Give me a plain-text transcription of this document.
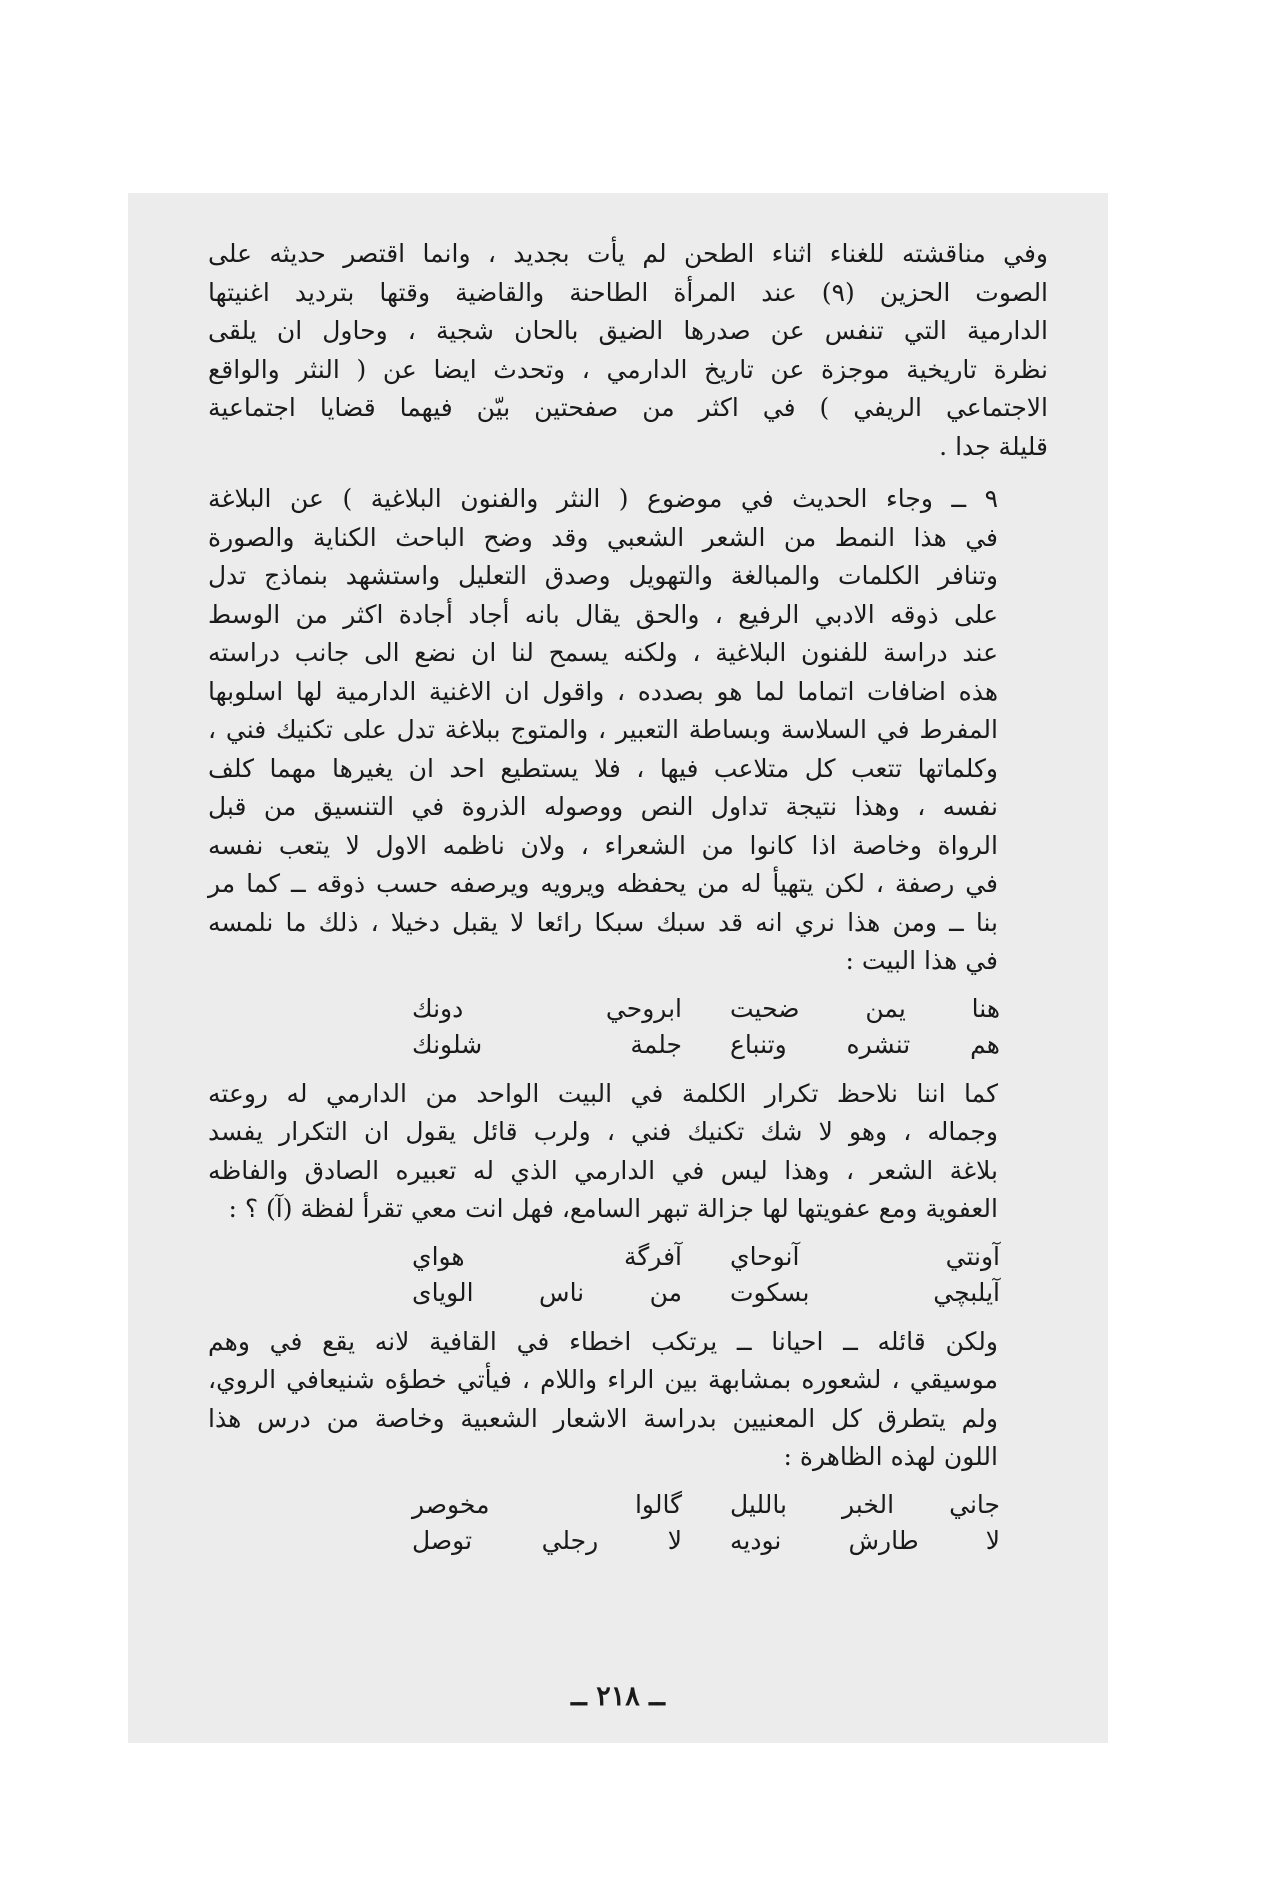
وفي مناقشته للغناء اثناء الطحن لم يأت بجديد ، وانما اقتصر حديثه على
الصوت الحزين (٩) عند المرأة الطاحنة والقاضية وقتها بترديد اغنيتها
الدارمية التي تنفس عن صدرها الضيق بالحان شجية ، وحاول ان يلقى
نظرة تاريخية موجزة عن تاريخ الدارمي ، وتحدث ايضا عن ( النثر والواقع
الاجتماعي الريفي ) في اكثر من صفحتين بيّن فيهما قضايا اجتماعية
قليلة جدا .
٩ ــ وجاء الحديث في موضوع ( النثر والفنون البلاغية ) عن البلاغة
في هذا النمط من الشعر الشعبي وقد وضح الباحث الكناية والصورة
وتنافر الكلمات والمبالغة والتهويل وصدق التعليل واستشهد بنماذج تدل
على ذوقه الادبي الرفيع ، والحق يقال بانه أجاد أجادة اكثر من الوسط
عند دراسة للفنون البلاغية ، ولكنه يسمح لنا ان نضع الى جانب دراسته
هذه اضافات اتماما لما هو بصدده ، واقول ان الاغنية الدارمية لها اسلوبها
المفرط في السلاسة وبساطة التعبير ، والمتوج ببلاغة تدل على تكنيك فني ،
وكلماتها تتعب كل متلاعب فيها ، فلا يستطيع احد ان يغيرها مهما كلف
نفسه ، وهذا نتيجة تداول النص ووصوله الذروة في التنسيق من قبل
الرواة وخاصة اذا كانوا من الشعراء ، ولان ناظمه الاول لا يتعب نفسه
في رصفة ، لكن يتهيأ له من يحفظه ويرويه ويرصفه حسب ذوقه ــ كما مر
بنا ــ ومن هذا نري انه قد سبك سبكا رائعا لا يقبل دخيلا ، ذلك ما نلمسه
في هذا البيت :
هنا يمن ضحيت
ابروحي دونك
هم تنشره وتنباع
جلمة شلونك
كما اننا نلاحظ تكرار الكلمة في البيت الواحد من الدارمي له روعته
وجماله ، وهو لا شك تكنيك فني ، ولرب قائل يقول ان التكرار يفسد
بلاغة الشعر ، وهذا ليس في الدارمي الذي له تعبيره الصادق والفاظه
العفوية ومع عفويتها لها جزالة تبهر السامع، فهل انت معي تقرأ لفظة (آ) ؟ :
آونتي آنوحاي
آفرگة هواي
آيلبچي بسكوت
من ناس الويای
ولكن قائله ــ احيانا ــ يرتكب اخطاء في القافية لانه يقع في وهم
موسيقي ، لشعوره بمشابهة بين الراء واللام ، فيأتي خطؤه شنيعافي الروي،
ولم يتطرق كل المعنيين بدراسة الاشعار الشعبية وخاصة من درس هذا
اللون لهذه الظاهرة :
جاني الخبر بالليل
گالوا مخوصر
لا طارش نوديه
لا رجلي توصل
ــ ٢١٨ ــ
